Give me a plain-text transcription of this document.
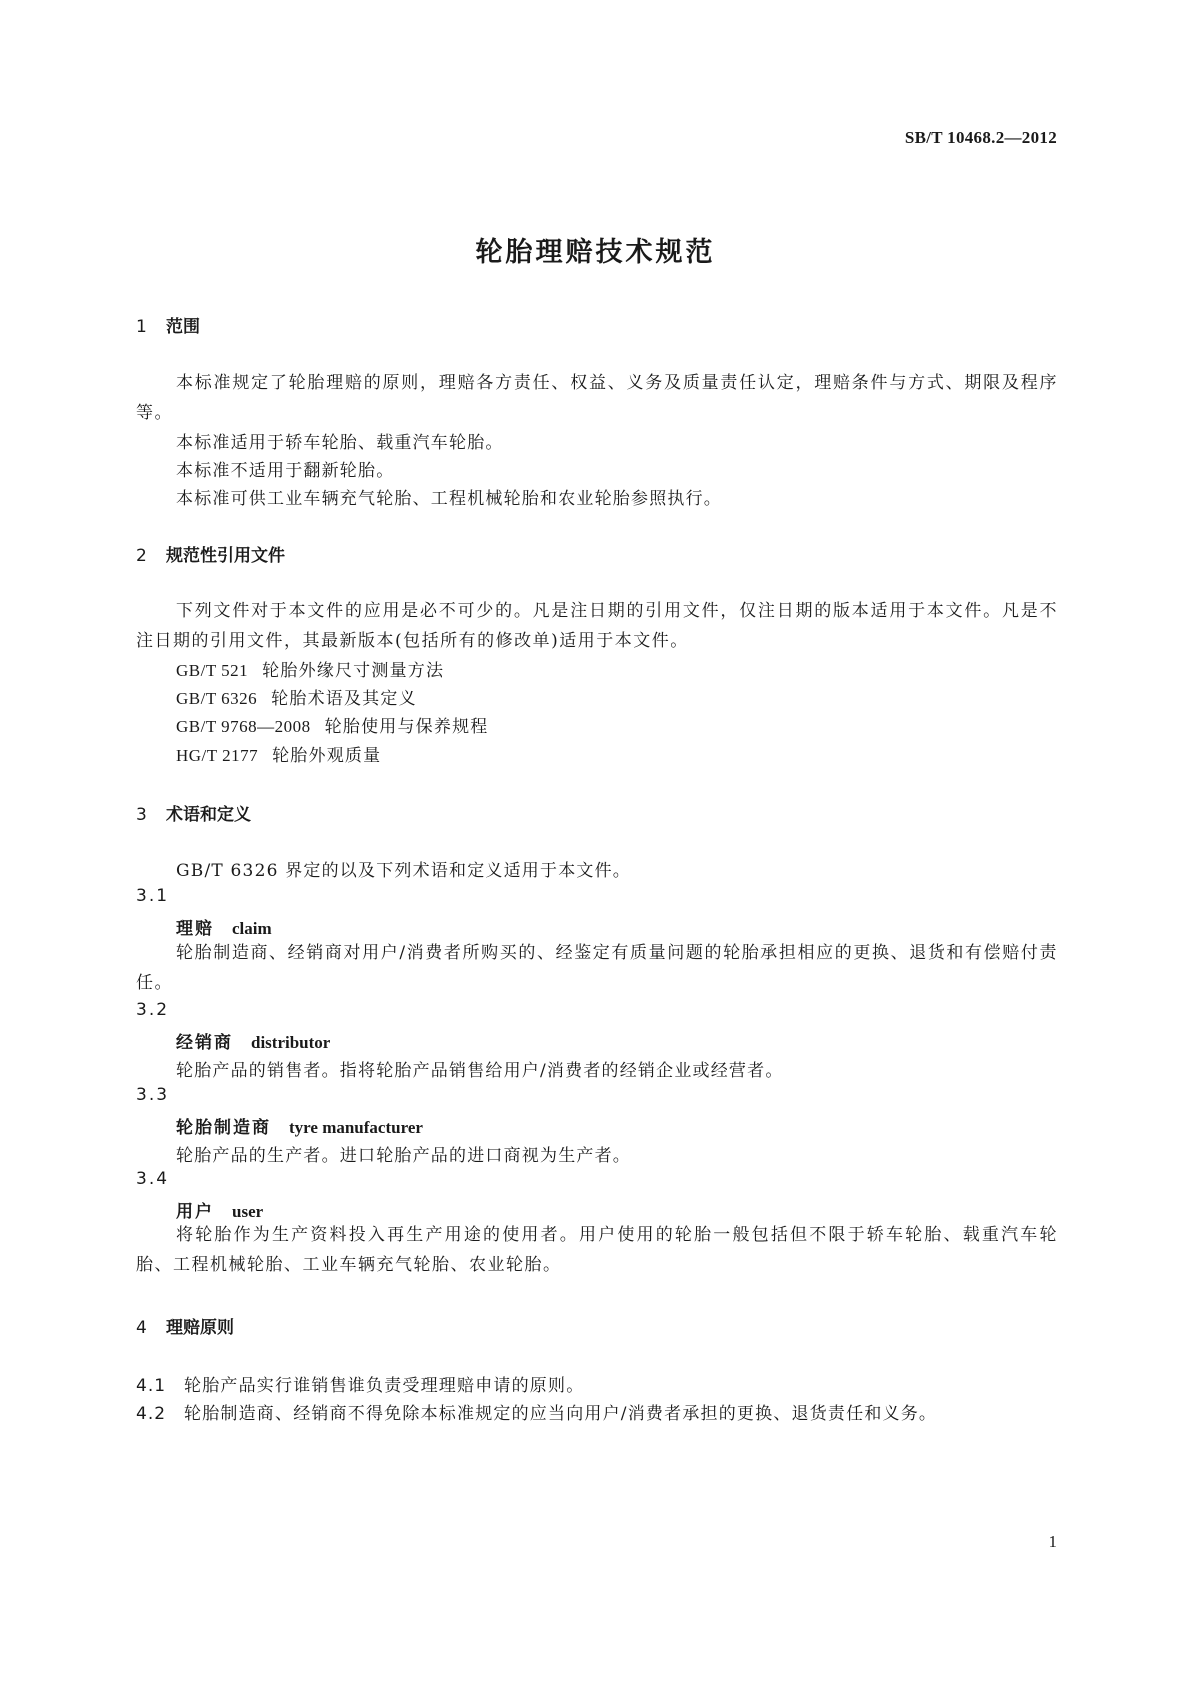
SB/T 10468.2—2012
轮胎理赔技术规范
1 范围
本标准规定了轮胎理赔的原则，理赔各方责任、权益、义务及质量责任认定，理赔条件与方式、期限及程序等。
本标准适用于轿车轮胎、载重汽车轮胎。
本标准不适用于翻新轮胎。
本标准可供工业车辆充气轮胎、工程机械轮胎和农业轮胎参照执行。
2 规范性引用文件
下列文件对于本文件的应用是必不可少的。凡是注日期的引用文件，仅注日期的版本适用于本文件。凡是不注日期的引用文件，其最新版本(包括所有的修改单)适用于本文件。
GB/T 521 轮胎外缘尺寸测量方法
GB/T 6326 轮胎术语及其定义
GB/T 9768—2008 轮胎使用与保养规程
HG/T 2177 轮胎外观质量
3 术语和定义
GB/T 6326 界定的以及下列术语和定义适用于本文件。
3.1
理赔 claim
轮胎制造商、经销商对用户/消费者所购买的、经鉴定有质量问题的轮胎承担相应的更换、退货和有偿赔付责任。
3.2
经销商 distributor
轮胎产品的销售者。指将轮胎产品销售给用户/消费者的经销企业或经营者。
3.3
轮胎制造商 tyre manufacturer
轮胎产品的生产者。进口轮胎产品的进口商视为生产者。
3.4
用户 user
将轮胎作为生产资料投入再生产用途的使用者。用户使用的轮胎一般包括但不限于轿车轮胎、载重汽车轮胎、工程机械轮胎、工业车辆充气轮胎、农业轮胎。
4 理赔原则
4.1 轮胎产品实行谁销售谁负责受理理赔申请的原则。
4.2 轮胎制造商、经销商不得免除本标准规定的应当向用户/消费者承担的更换、退货责任和义务。
1
